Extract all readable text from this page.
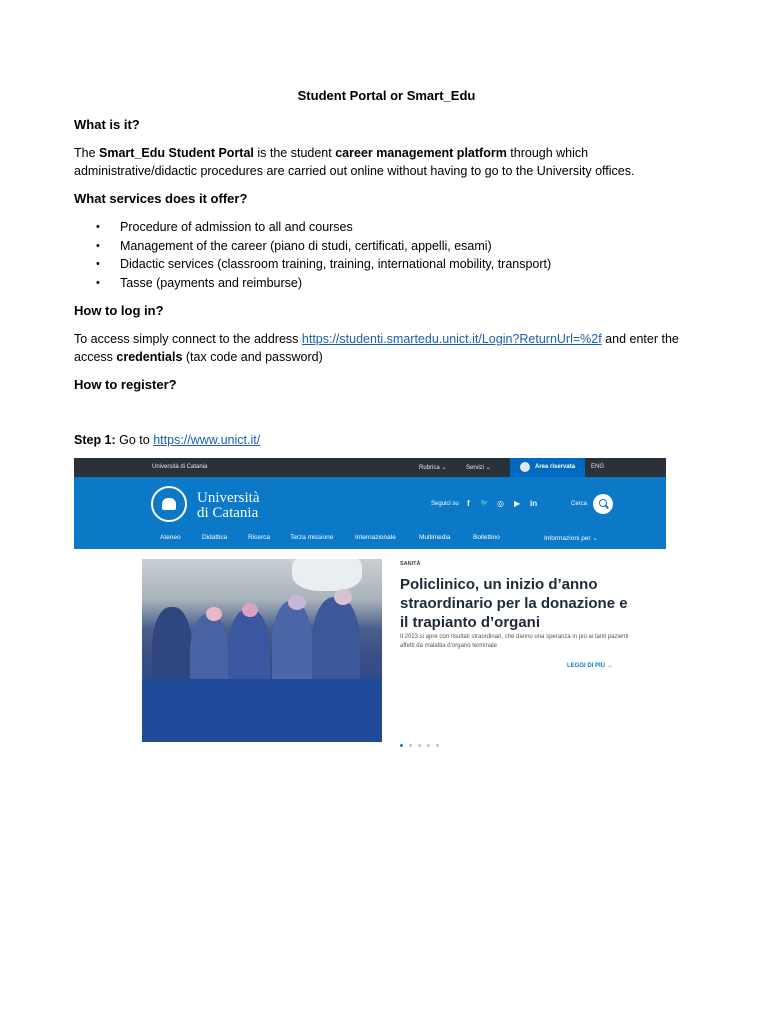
Student Portal or Smart_Edu
What is it?
The Smart_Edu Student Portal is the student career management platform through which administrative/didactic procedures are carried out online without having to go to the University offices.
What services does it offer?
• Procedure of admission to all and courses
• Management of the career (piano di studi, certificati, appelli, esami)
• Didactic services (classroom training, training, international mobility, transport)
• Tasse (payments and reimburse)
How to log in?
To access simply connect to the address https://studenti.smartedu.unict.it/Login?ReturnUrl=%2f and enter the access credentials (tax code and password)
How to register?
Step 1: Go to https://www.unict.it/
Università di Catania	Rubrica ⌄	Servizi ⌄	Area riservata	ENG
Università
di Catania
Seguici su f 🐦 ◎ ▶ in	Cerca
Ateneo	Didattica	Ricerca	Terza missione	Internazionale	Multimedia	Bollettino	Informazioni per ⌄
SANITÀ
Policlinico, un inizio d’anno straordinario per la donazione e il trapianto d’organi
Il 2023 si apre con risultati straordinari, che danno una speranza in più ai tanti pazienti affetti da malattia d’organo terminale
LEGGI DI PIÙ →
